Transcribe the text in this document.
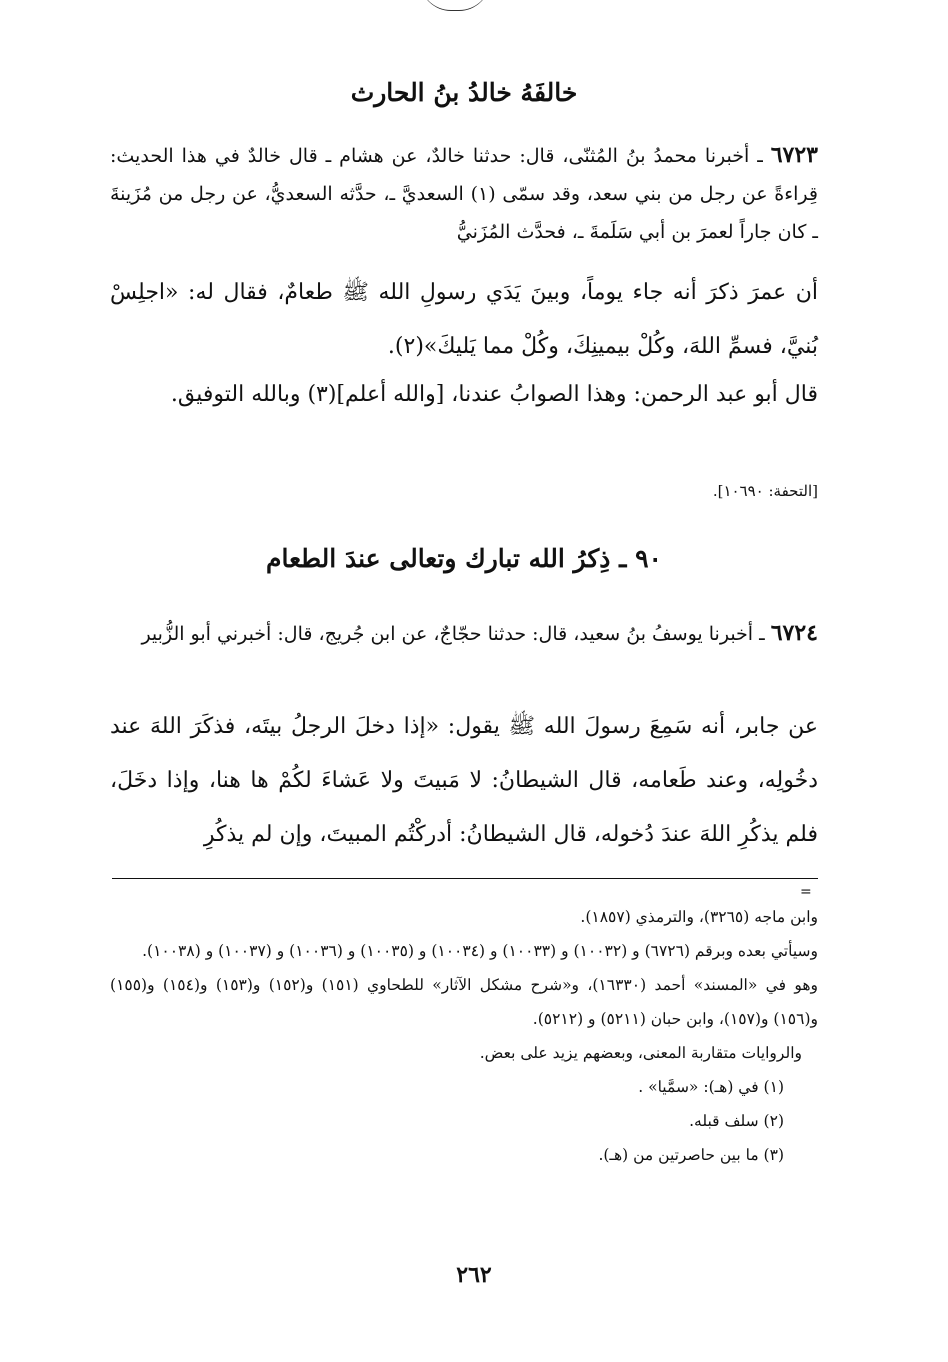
خالفَهُ خالدُ بنُ الحارث
٦٧٢٣ ـ أخبرنا محمدُ بنُ المُثنّى، قال: حدثنا خالدٌ، عن هشام ـ قال خالدٌ في هذا الحديث: قِراءةً عن رجل من بني سعد، وقد سمّى (١) السعديَّ ـ، حدَّثه السعديُّ، عن رجل من مُزَينةَ ـ كان جاراً لعمرَ بن أبي سَلَمةَ ـ، فحدَّث المُزَنيُّ
أن عمرَ ذكرَ أنه جاء يوماً، وبينَ يَدَي رسولِ الله ﷺ طعامٌ، فقال له: «اجلِسْ بُنيَّ، فسمِّ اللهَ، وكُلْ بيمينِكَ، وكُلْ مما يَليكَ»(٢).
قال أبو عبد الرحمن: وهذا الصوابُ عندنا، [والله أعلم](٣) وبالله التوفيق.
[التحفة: ١٠٦٩٠].
٩٠ ـ ذِكرُ الله تبارك وتعالى عندَ الطعام
٦٧٢٤ ـ أخبرنا يوسفُ بنُ سعيد، قال: حدثنا حجّاجٌ، عن ابن جُريج، قال: أخبرني أبو الزُّبير
عن جابر، أنه سَمِعَ رسولَ الله ﷺ يقول: «إذا دخلَ الرجلُ بيتَه، فذكَرَ اللهَ عند دخُولِه، وعند طَعامه، قال الشيطانُ: لا مَبيتَ ولا عَشاءَ لكُمْ ها هنا، وإذا دخَلَ، فلم يذكُرِ اللهَ عندَ دُخوله، قال الشيطانُ: أدركْتُم المبيتَ، وإن لم يذكُرِ
=
وابن ماجه (٣٢٦٥)، والترمذي (١٨٥٧).
وسيأتي بعده وبرقم (٦٧٢٦) و (١٠٠٣٢) و (١٠٠٣٣) و (١٠٠٣٤) و (١٠٠٣٥) و (١٠٠٣٦) و (١٠٠٣٧) و (١٠٠٣٨).
وهو في «المسند» أحمد (١٦٣٣٠)، و«شرح مشكل الآثار» للطحاوي (١٥١) و(١٥٢) و(١٥٣) و(١٥٤) و(١٥٥) و(١٥٦) و(١٥٧)، وابن حبان (٥٢١١) و (٥٢١٢).
والروايات متقاربة المعنى، وبعضهم يزيد على بعض.
(١) في (هـ): «سمَّيا» .
(٢) سلف قبله.
(٣) ما بين حاصرتين من (هـ).
٢٦٢
